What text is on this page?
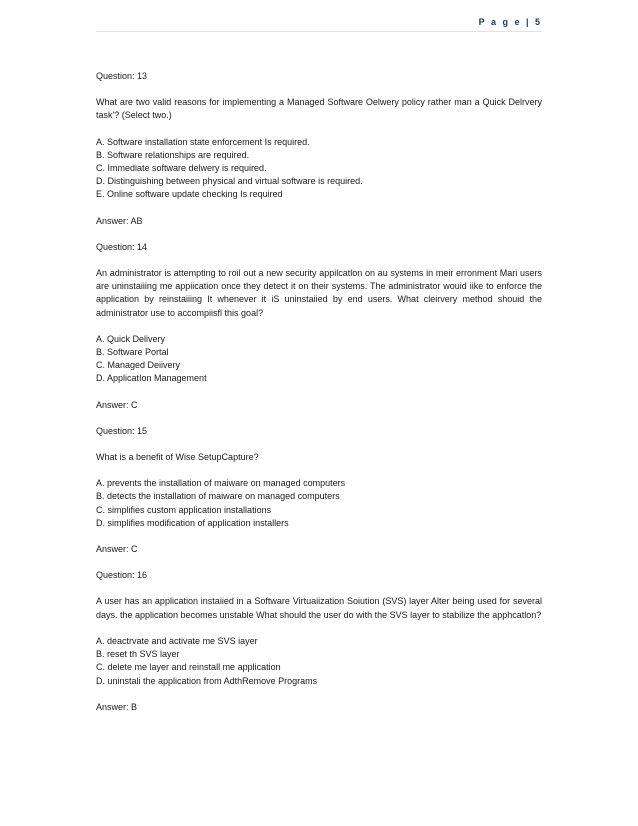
P a g e | 5

Question: 13

What are two valid reasons for implementing a Managed Software Oelwery policy rather man a Quick Delrvery task'? (Select two.)

A. Software installation state enforcement Is required.
B. Software relationships are required.
C. Immediate software delwery is required.
D. Distinguishing between physical and virtual software is required.
E. Online software update checking Is required

Answer: AB

Question: 14

An administrator is attempting to roil out a new security appilcatlon on au systems in meir erronment Mari users are uninstaiiing me appiication once they detect it on their systems. The administrator wouid iike to enforce the application by reinstaiiing It whenever it iS uninstaiied by end users. What cleirvery method shouid the administrator use to accompiisfl this goal?

A. Quick Delivery
B. Software Portal
C. Managed Deiivery
D. ApplicatIon Management

Answer: C

Question: 15

What is a benefit of Wise SetupCapture?

A. prevents the installation of maiware on managed computers
B. detects the installation of maiware on managed computers
C. simplifies custom application installations
D. simplifies modification of application installers

Answer: C

Question: 16

A user has an application instaiied in a Software Virtuaiization Soiution (SVS) layer Alter being used for several days. the application becomes unstable What should the user do with the SVS layer to stabilize the apphcatlon?

A. deactrvate and activate me SVS iayer
B. reset th SVS layer
C. delete me layer and reinstall me application
D. uninstali the application from AdthRemove Programs

Answer: B
